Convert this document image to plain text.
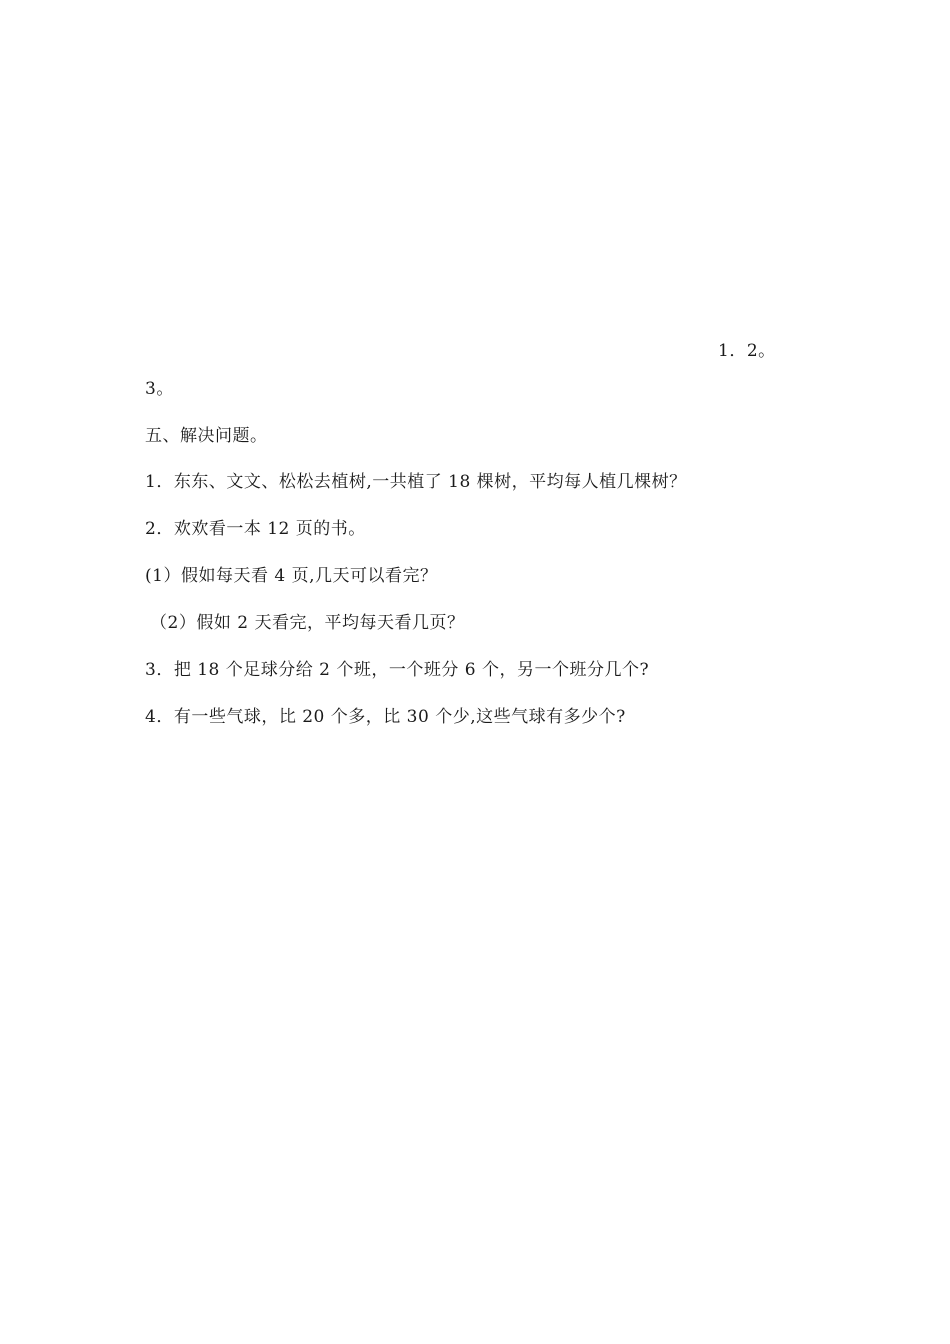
1．2。
3。
五、解决问题。
1．东东、文文、松松去植树,一共植了 18 棵树，平均每人植几棵树？
2．欢欢看一本 12 页的书。
(1）假如每天看 4 页,几天可以看完？
（2）假如 2 天看完，平均每天看几页？
3．把 18 个足球分给 2 个班，一个班分 6 个，另一个班分几个?
4．有一些气球，比 20 个多，比 30 个少,这些气球有多少个?
